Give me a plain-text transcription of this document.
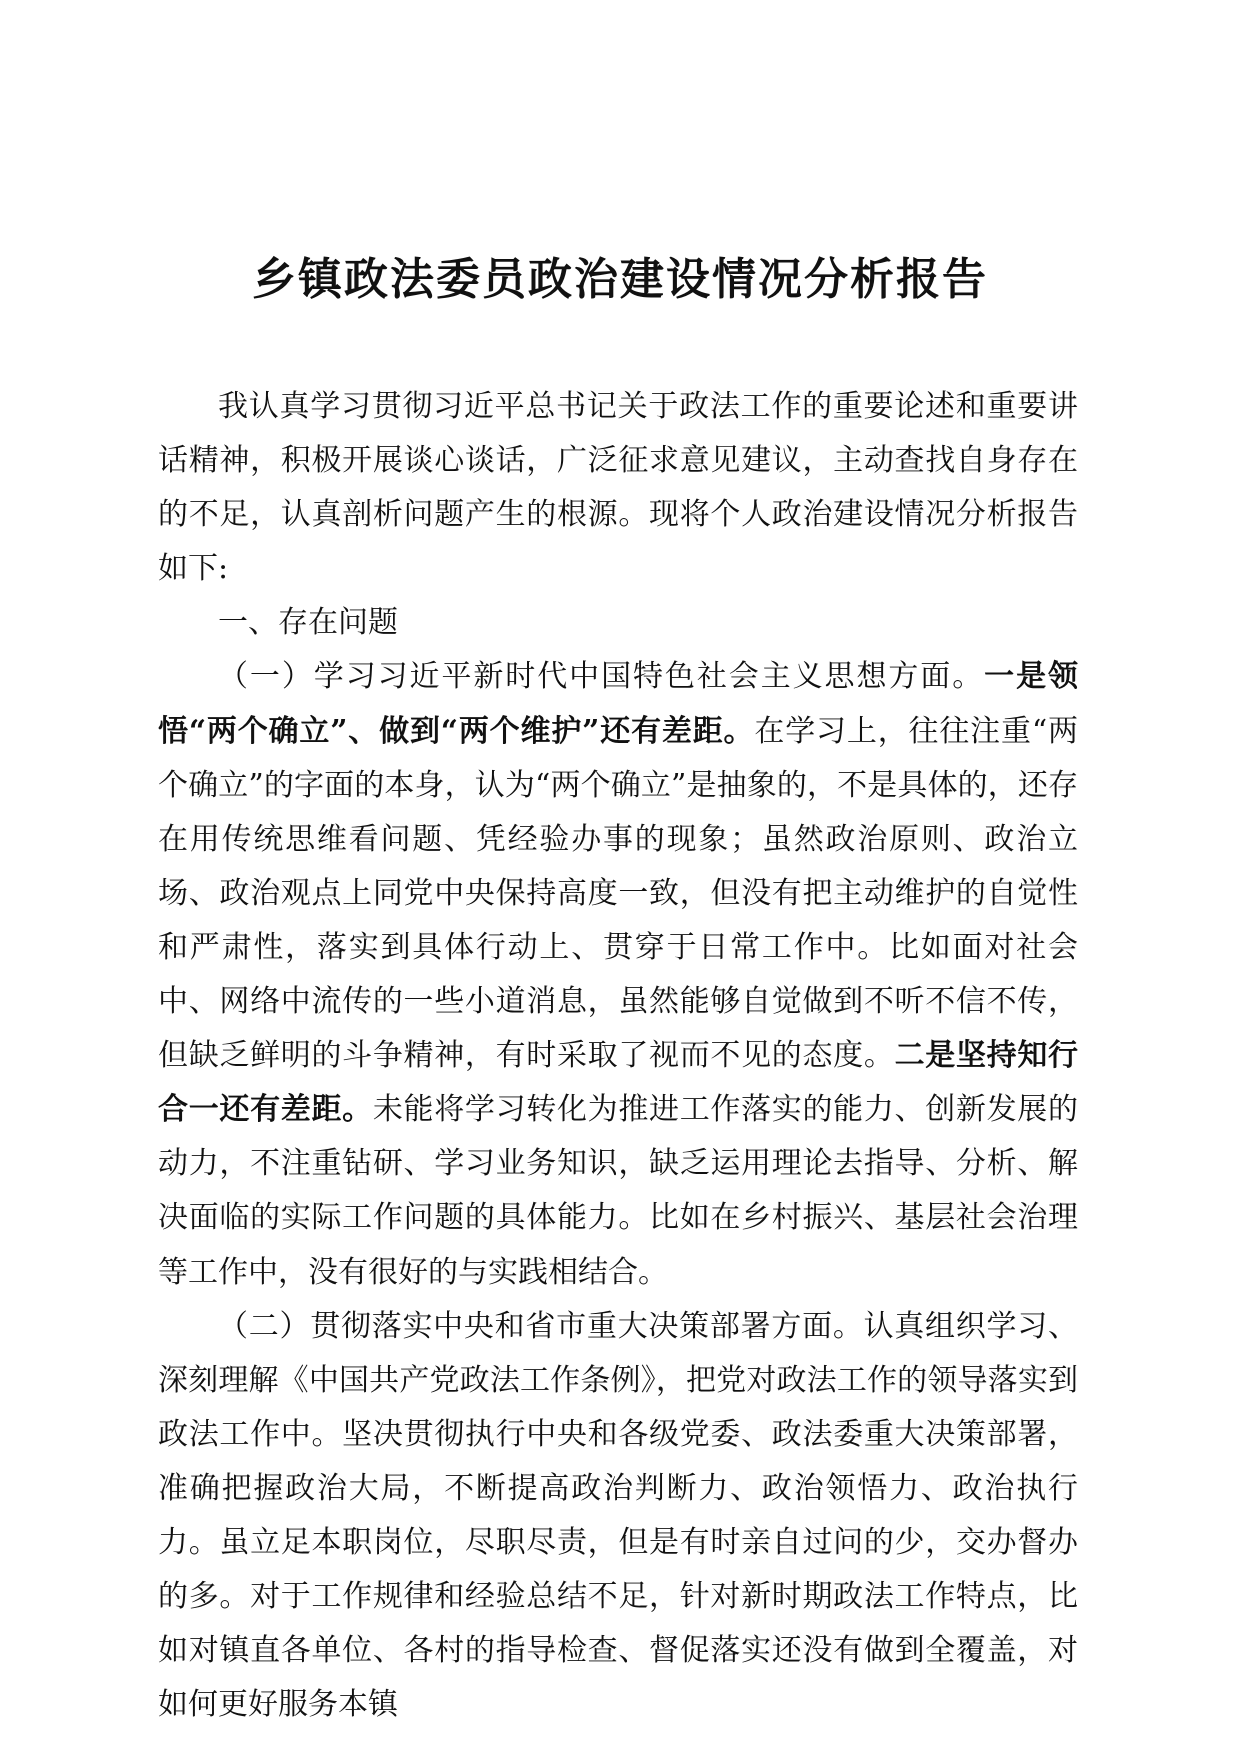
乡镇政法委员政治建设情况分析报告

我认真学习贯彻习近平总书记关于政法工作的重要论述和重要讲话精神，积极开展谈心谈话，广泛征求意见建议，主动查找自身存在的不足，认真剖析问题产生的根源。现将个人政治建设情况分析报告如下:

一、存在问题

（一）学习习近平新时代中国特色社会主义思想方面。一是领悟“两个确立”、做到“两个维护”还有差距。在学习上，往往注重“两个确立”的字面的本身，认为“两个确立”是抽象的，不是具体的，还存在用传统思维看问题、凭经验办事的现象；虽然政治原则、政治立场、政治观点上同党中央保持高度一致，但没有把主动维护的自觉性和严肃性，落实到具体行动上、贯穿于日常工作中。比如面对社会中、网络中流传的一些小道消息，虽然能够自觉做到不听不信不传，但缺乏鲜明的斗争精神，有时采取了视而不见的态度。二是坚持知行合一还有差距。未能将学习转化为推进工作落实的能力、创新发展的动力，不注重钻研、学习业务知识，缺乏运用理论去指导、分析、解决面临的实际工作问题的具体能力。比如在乡村振兴、基层社会治理等工作中，没有很好的与实践相结合。

（二）贯彻落实中央和省市重大决策部署方面。认真组织学习、深刻理解《中国共产党政法工作条例》，把党对政法工作的领导落实到政法工作中。坚决贯彻执行中央和各级党委、政法委重大决策部署，准确把握政治大局，不断提高政治判断力、政治领悟力、政治执行力。虽立足本职岗位，尽职尽责，但是有时亲自过问的少，交办督办的多。对于工作规律和经验总结不足，针对新时期政法工作特点，比如对镇直各单位、各村的指导检查、督促落实还没有做到全覆盖，对如何更好服务本镇
